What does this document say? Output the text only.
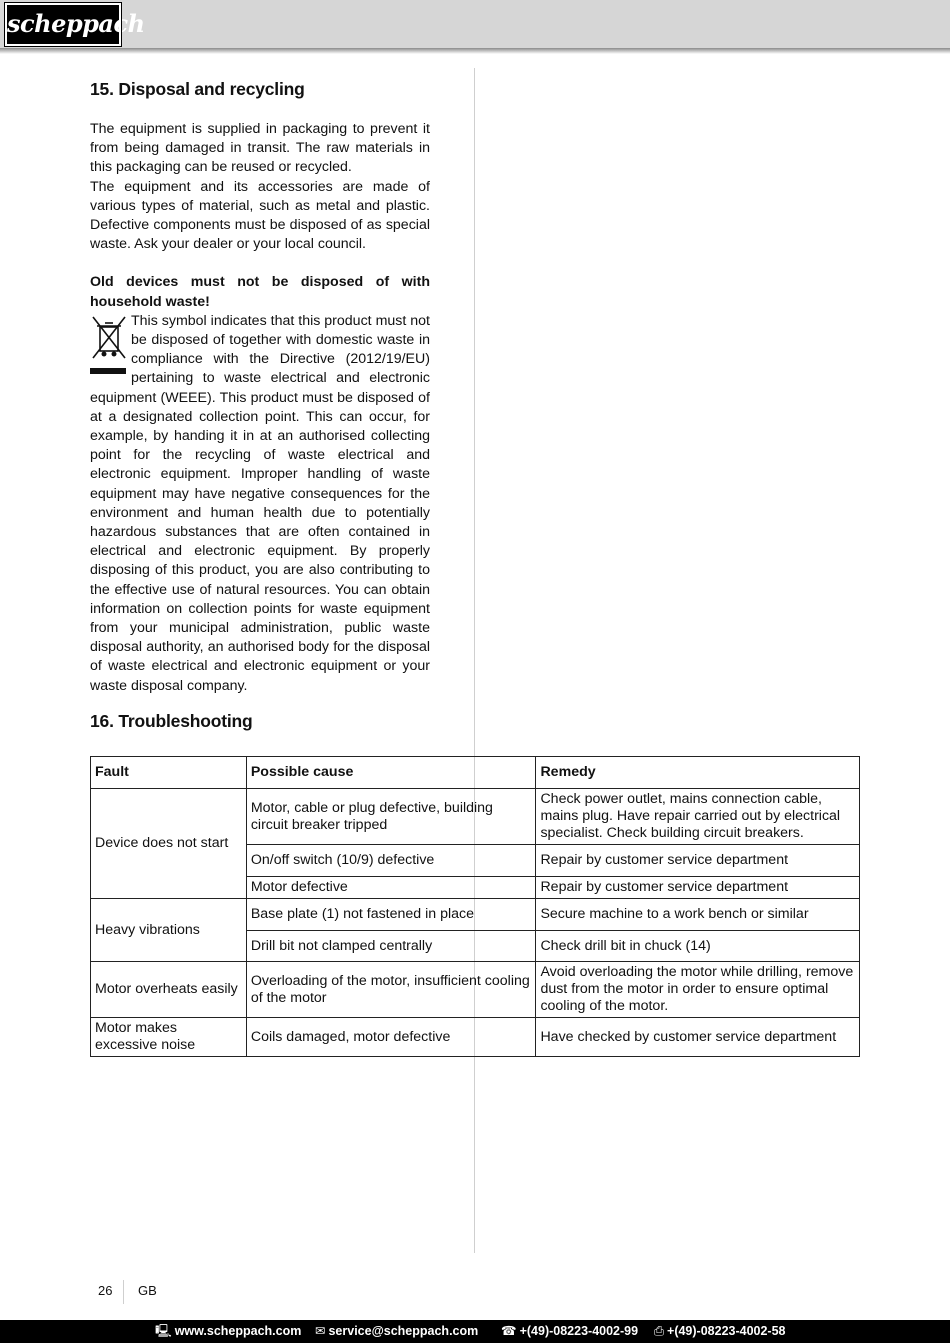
scheppach
15. Disposal and recycling

The equipment is supplied in packaging to prevent it from being damaged in transit. The raw materials in this packaging can be reused or recycled.

The equipment and its accessories are made of various types of material, such as metal and plastic. Defective components must be disposed of as special waste. Ask your dealer or your local council.

Old devices must not be disposed of with household waste!

This symbol indicates that this product must not be disposed of together with domestic waste in compliance with the Directive (2012/19/EU) pertaining to waste electrical and electronic equipment (WEEE). This product must be disposed of at a designated collection point. This can occur, for example, by handing it in at an authorised collecting point for the recycling of waste electrical and electronic equipment. Improper handling of waste equipment may have negative consequences for the environment and human health due to potentially hazardous substances that are often contained in electrical and electronic equipment. By properly disposing of this product, you are also contributing to the effective use of natural resources. You can obtain information on collection points for waste equipment from your municipal administration, public waste disposal authority, an authorised body for the disposal of waste electrical and electronic equipment or your waste disposal company.

16. Troubleshooting
Fault	Possible cause	Remedy
Device does not start	Motor, cable or plug defective, building circuit breaker tripped	Check power outlet, mains connection cable, mains plug. Have repair carried out by electrical specialist. Check building circuit breakers.
	On/off switch (10/9) defective	Repair by customer service department
	Motor defective	Repair by customer service department
Heavy vibrations	Base plate (1) not fastened in place	Secure machine to a work bench or similar
	Drill bit not clamped centrally	Check drill bit in chuck (14)
Motor overheats easily	Overloading of the motor, insufficient cooling of the motor	Avoid overloading the motor while drilling, remove dust from the motor in order to ensure optimal cooling of the motor.
Motor makes excessive noise	Coils damaged, motor defective	Have checked by customer service department
26 GB
🖳 www.scheppach.com ✉ service@scheppach.com ☎ +(49)-08223-4002-99 ⎙ +(49)-08223-4002-58
